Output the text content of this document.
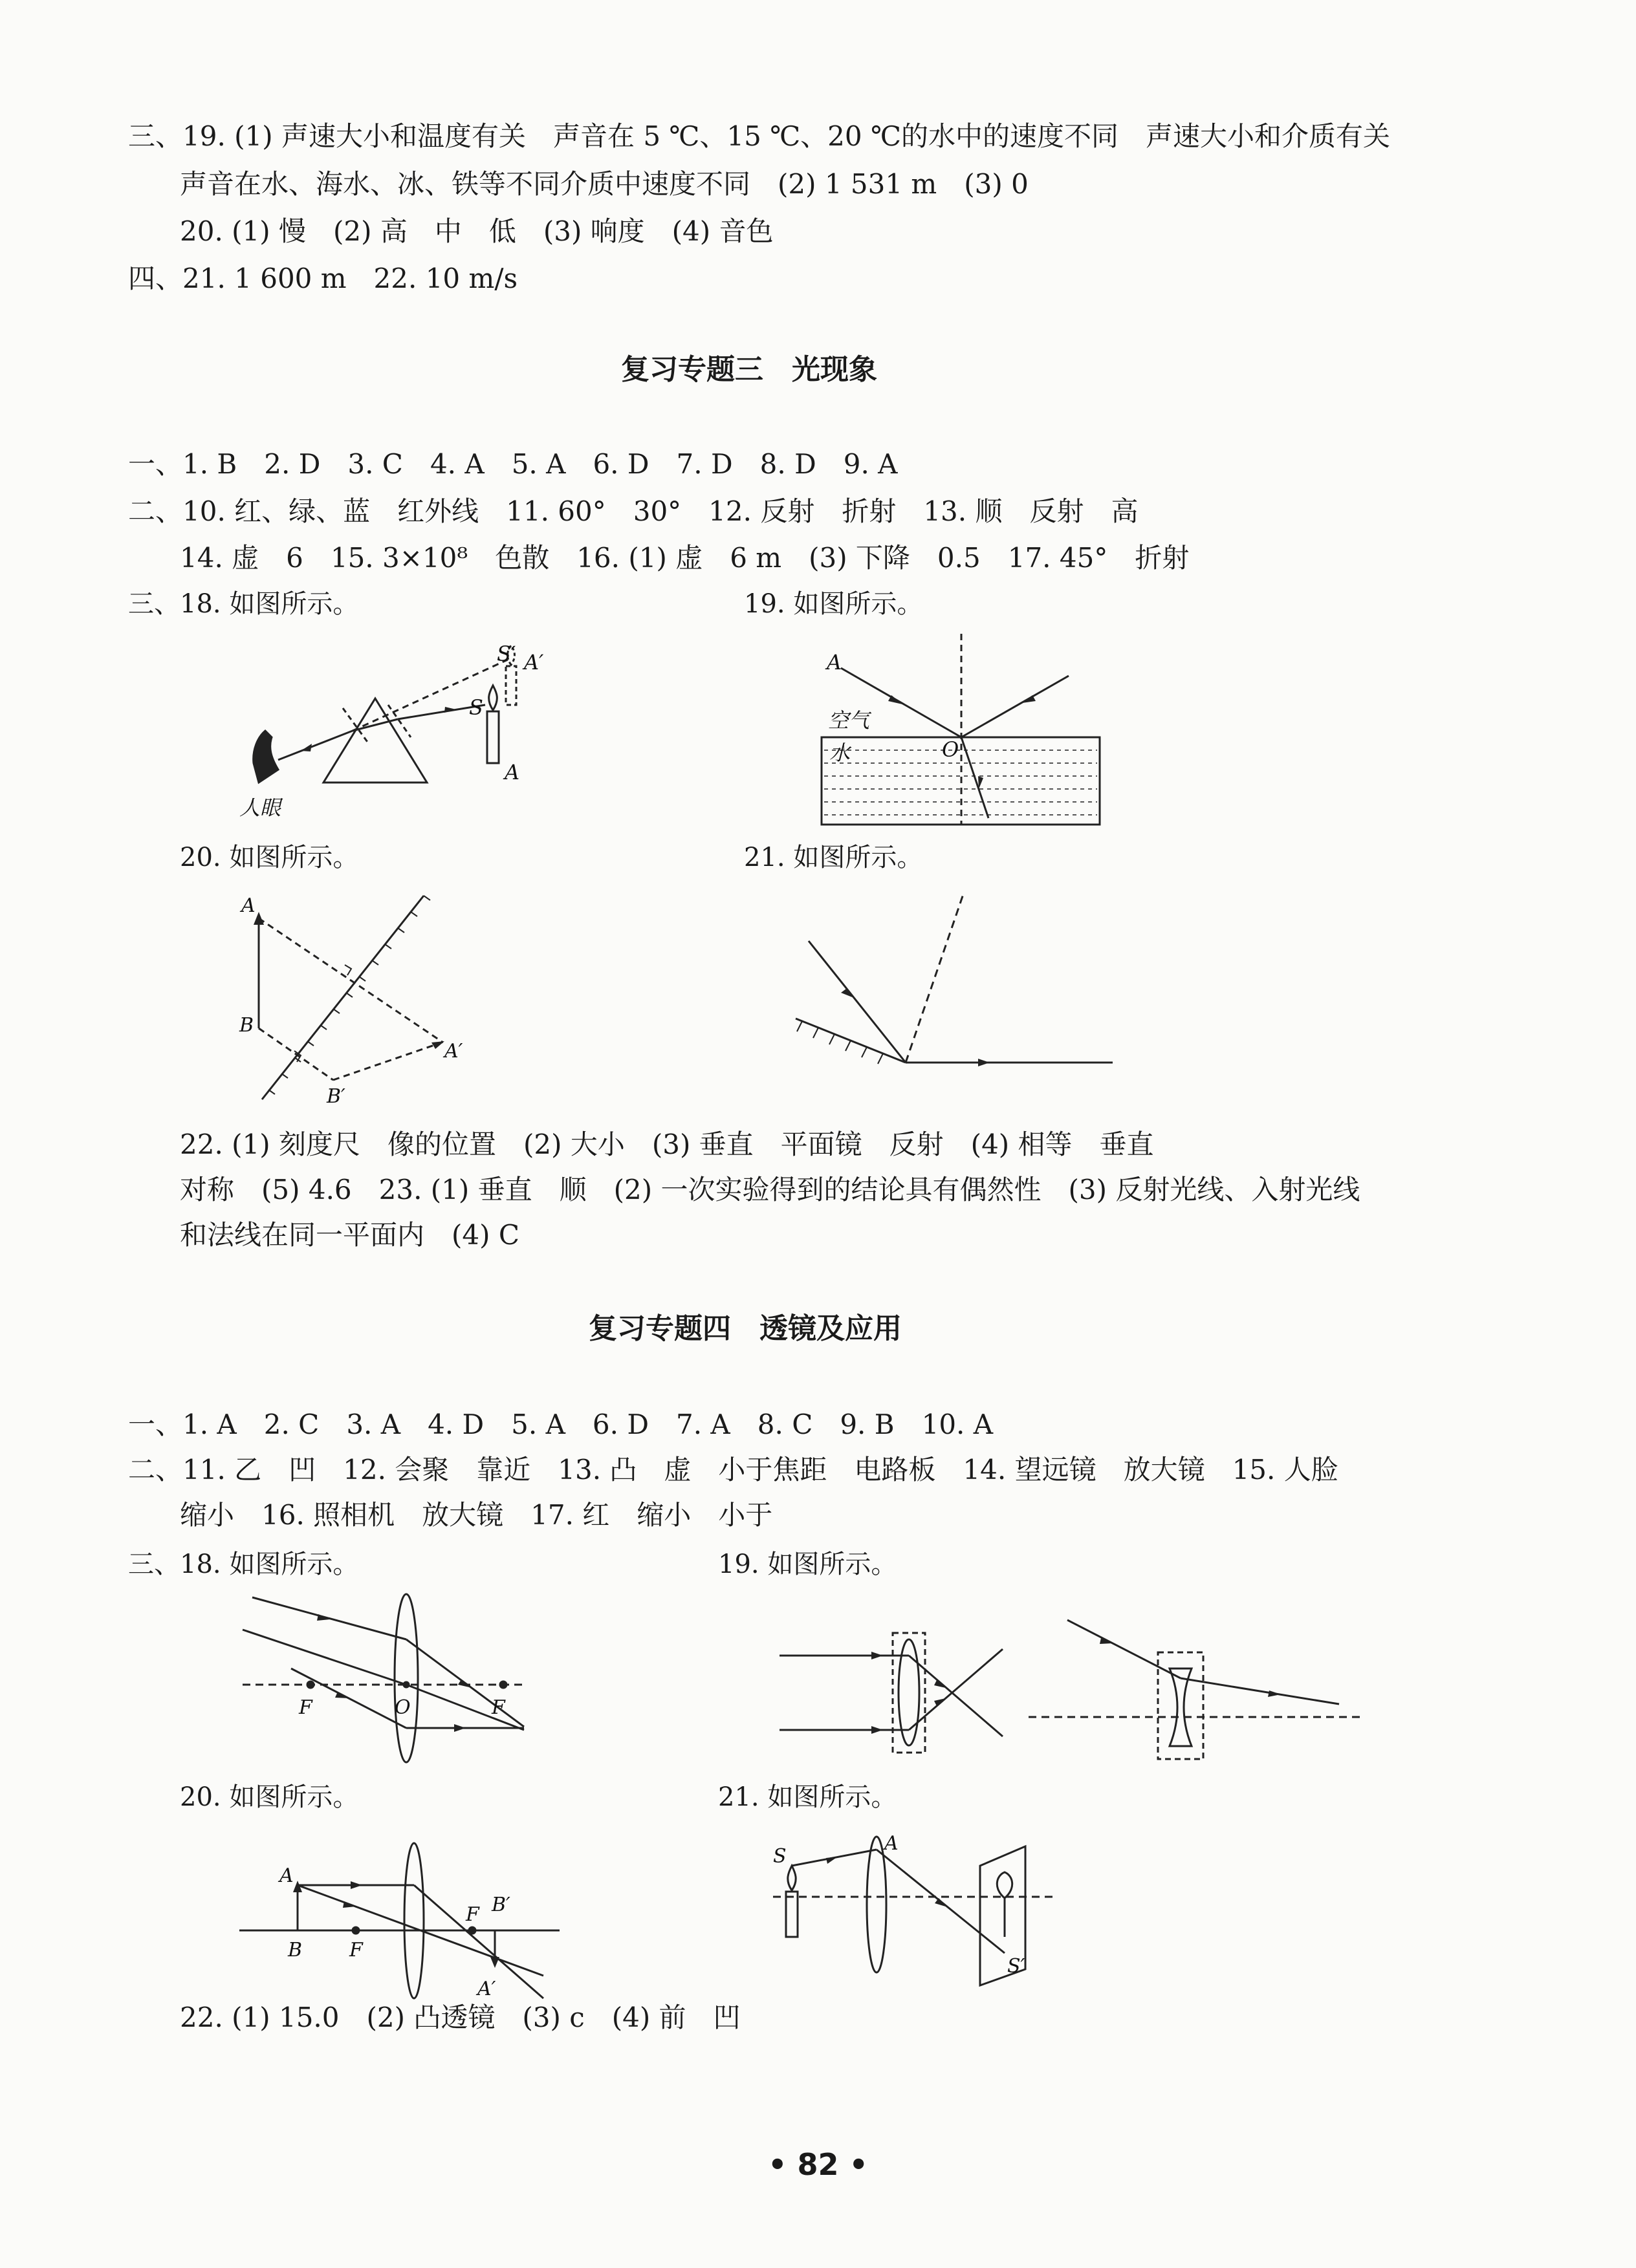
三、19. (1) 声速大小和温度有关　声音在 5 ℃、15 ℃、20 ℃的水中的速度不同　声速大小和介质有关
声音在水、海水、冰、铁等不同介质中速度不同　(2) 1 531 m　(3) 0
20. (1) 慢　(2) 高　中　低　(3) 响度　(4) 音色
四、21. 1 600 m　22. 10 m/s
复习专题三　光现象
一、1. B　2. D　3. C　4. A　5. A　6. D　7. D　8. D　9. A
二、10. 红、绿、蓝　红外线　11. 60°　30°　12. 反射　折射　13. 顺　反射　高
14. 虚　6　15. 3×10⁸　色散　16. (1) 虚　6 m　(3) 下降　0.5　17. 45°　折射
三、18. 如图所示。	19. 如图所示。
S′ A′
S
A
人眼
A
空气
水	O
20. 如图所示。	21. 如图所示。
A
B
A′
B′
22. (1) 刻度尺　像的位置　(2) 大小　(3) 垂直　平面镜　反射　(4) 相等　垂直
对称　(5) 4.6　23. (1) 垂直　顺　(2) 一次实验得到的结论具有偶然性　(3) 反射光线、入射光线
和法线在同一平面内　(4) C
复习专题四　透镜及应用
一、1. A　2. C　3. A　4. D　5. A　6. D　7. A　8. C　9. B　10. A
二、11. 乙　凹　12. 会聚　靠近　13. 凸　虚　小于焦距　电路板　14. 望远镜　放大镜　15. 人脸
缩小　16. 照相机　放大镜　17. 红　缩小　小于
三、18. 如图所示。	19. 如图所示。
F	O	F
20. 如图所示。	21. 如图所示。
A
B F
F B′
A′
S
A
S′
22. (1) 15.0　(2) 凸透镜　(3) c　(4) 前　凹
• 82 •
